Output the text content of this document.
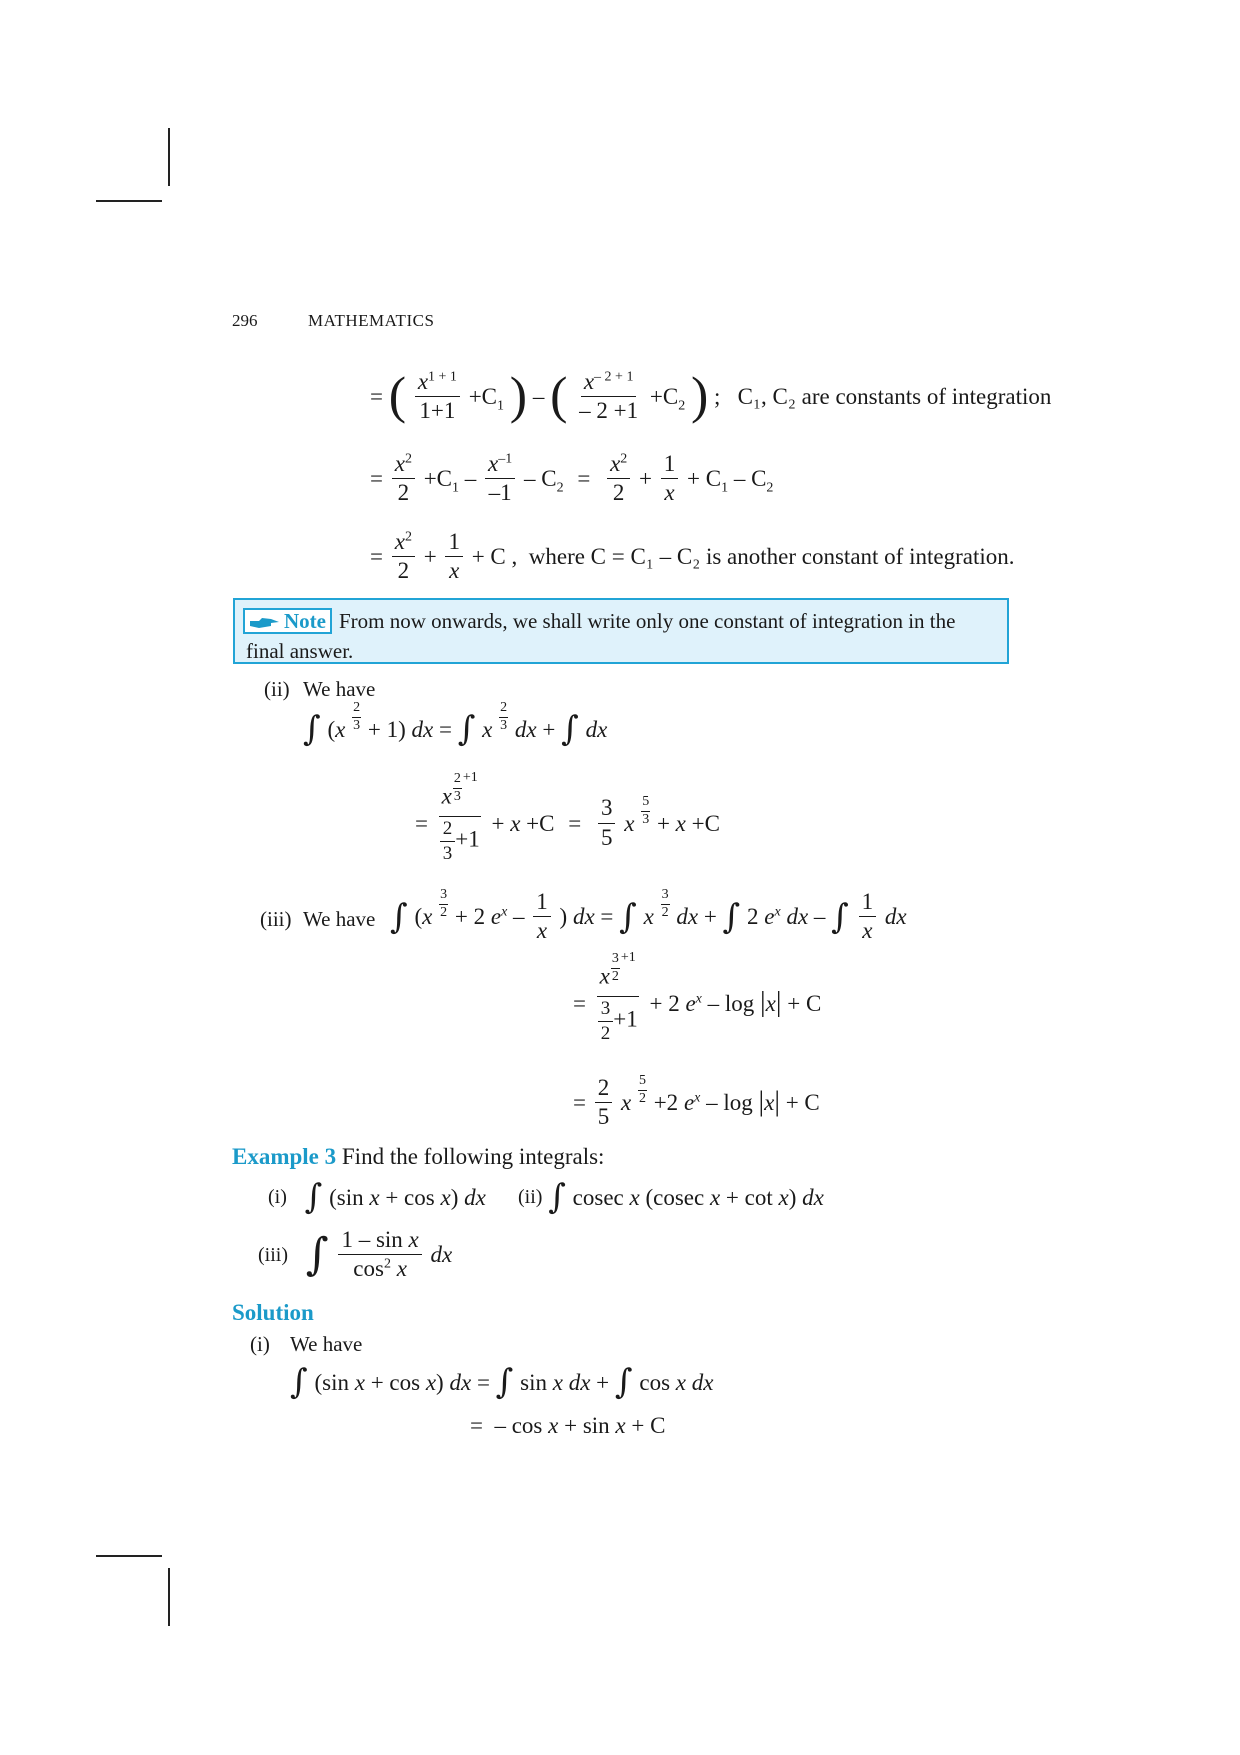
296	MATHEMATICS
= ( $\frac{x^{1 + 1}}{1+1} +C_1$ ) – ( $\frac{x^{- 2 + 1}}{- 2 +1} +C_2$ ) ;   C₁, C₂ are constants of integration
= $\frac{x^2}{2} +C_1 - \frac{x^{-1}}{-1} - C_2 = \frac{x^2}{2} + \frac{1}{x} + C_1 - C_2$
= $\frac{x^2}{2} + \frac{1}{x} + C$ ,  where C = C₁ – C₂ is another constant of integration.
Note From now onwards, we shall write only one constant of integration in the
final answer.
(ii) We have
∫ $(x \frac{2}{3} + 1)$ dx = ∫ x $\frac{2}{3}$ dx + ∫ dx
= $\frac{x \frac{2}{3} ^{+1}}{\frac{2}{3} +1} + x +C = \frac{3}{5}$ x $\frac{5}{3} + x +C$
(iii) We have ∫ ($x \frac{3}{2} + 2$ $e^x - \frac{1}{x}$ ) dx = ∫ x $\frac{3}{2}$ dx + ∫ 2 $e^x$ dx – ∫ $\frac{1}{x}$ dx
= $\frac{x \frac{3}{2} ^{+1}}{\frac{3}{2} +1} + 2$ $e^x - \log |x| + C$
= $\frac{2}{5}$ x $\frac{5}{2} +2$ $e^x - \log |x| + C$
Example 3 Find the following integrals:
(i) ∫ (sin x + cos x) dx (ii) ∫ cosec x (cosec x + cot x) dx
(iii) ∫ $\frac{\text{1 – sin x}}{\cos^2 x}$ dx
Solution
(i) We have
∫ (sin x + cos x) dx = ∫ sin x dx + ∫ cos x dx
=  – cos x + sin x + C
